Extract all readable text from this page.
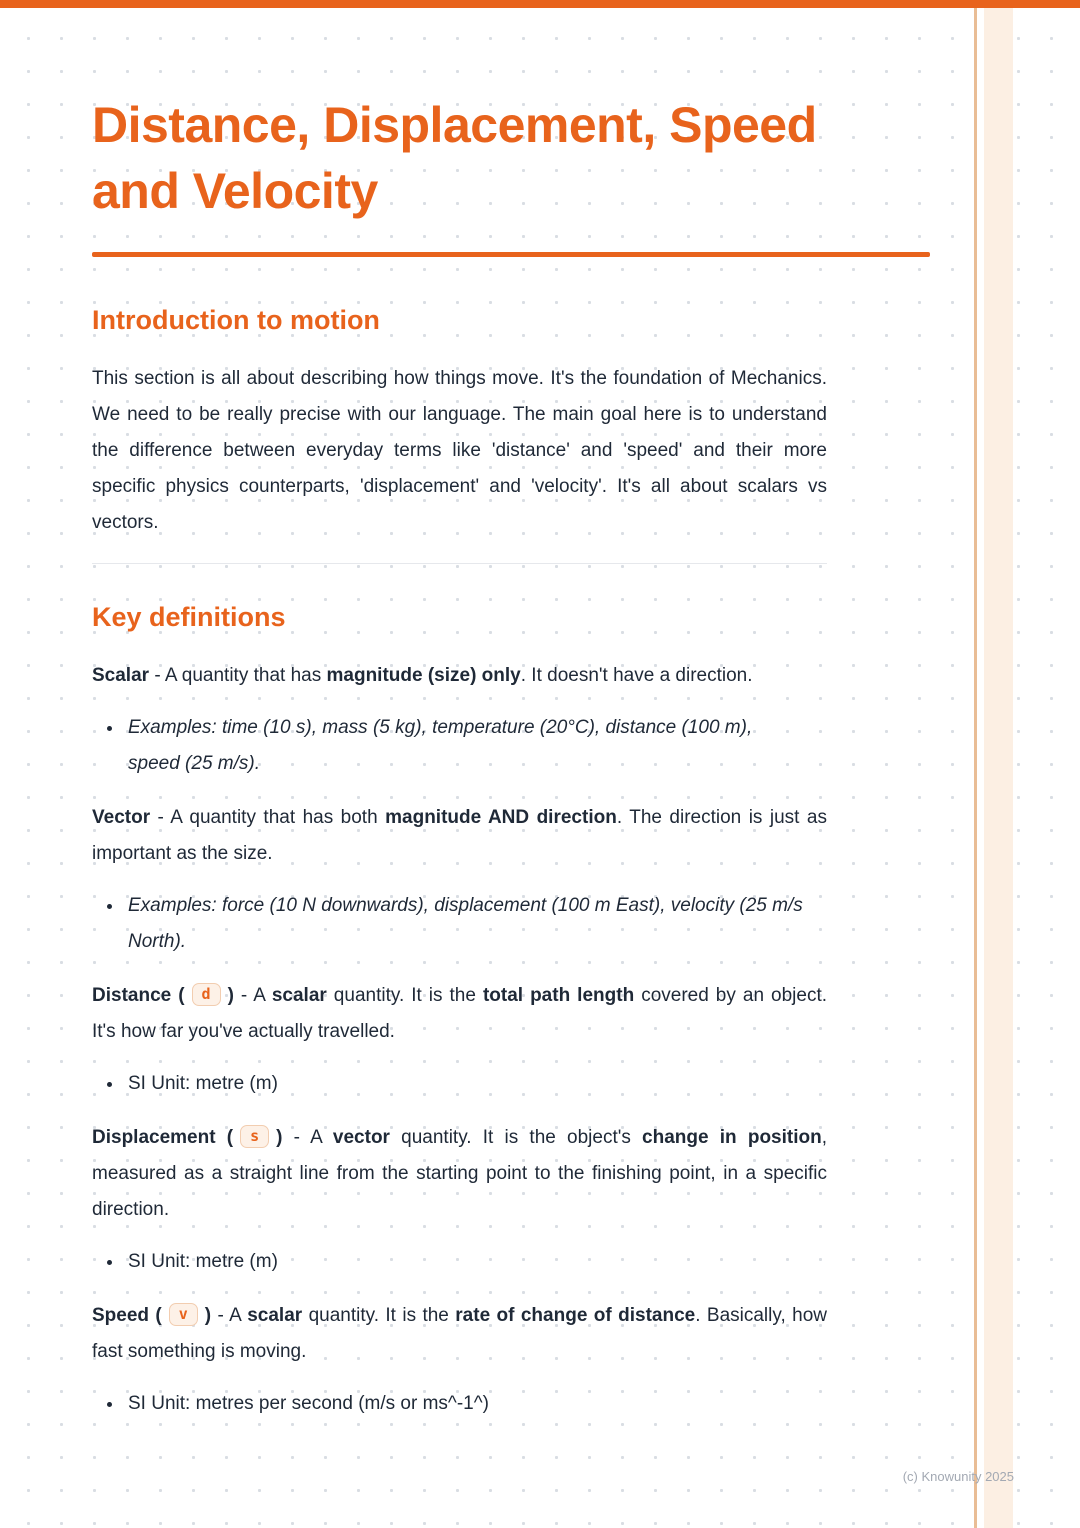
Distance, Displacement, Speed and Velocity
Introduction to motion

This section is all about describing how things move. It's the foundation of Mechanics. We need to be really precise with our language. The main goal here is to understand the difference between everyday terms like 'distance' and 'speed' and their more specific physics counterparts, 'displacement' and 'velocity'. It's all about scalars vs vectors.

Key definitions

Scalar - A quantity that has magnitude (size) only. It doesn't have a direction.

• Examples: time (10 s), mass (5 kg), temperature (20°C), distance (100 m), speed (25 m/s).

Vector - A quantity that has both magnitude AND direction. The direction is just as important as the size.

• Examples: force (10 N downwards), displacement (100 m East), velocity (25 m/s North).

Distance ( d ) - A scalar quantity. It is the total path length covered by an object. It's how far you've actually travelled.

• SI Unit: metre (m)

Displacement ( s ) - A vector quantity. It is the object's change in position, measured as a straight line from the starting point to the finishing point, in a specific direction.

• SI Unit: metre (m)

Speed ( v ) - A scalar quantity. It is the rate of change of distance. Basically, how fast something is moving.

• SI Unit: metres per second (m/s or ms^-1^)
(c) Knowunity 2025
